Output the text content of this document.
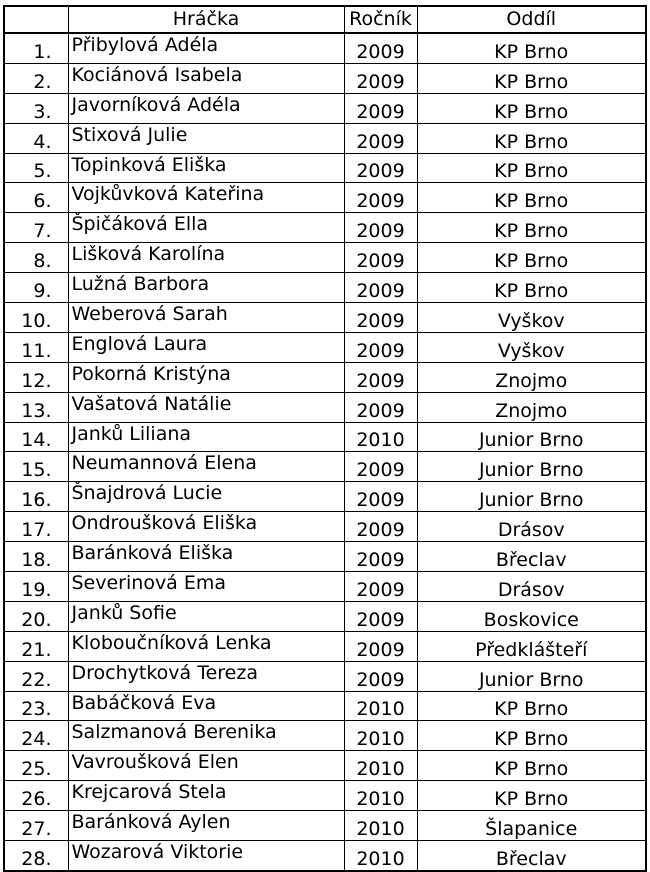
	Hráčka	Ročník	Oddíl
1.	Přibylová Adéla	2009	KP Brno
2.	Kociánová Isabela	2009	KP Brno
3.	Javorníková Adéla	2009	KP Brno
4.	Stixová Julie	2009	KP Brno
5.	Topinková Eliška	2009	KP Brno
6.	Vojkůvková Kateřina	2009	KP Brno
7.	Špičáková Ella	2009	KP Brno
8.	Lišková Karolína	2009	KP Brno
9.	Lužná Barbora	2009	KP Brno
10.	Weberová Sarah	2009	Vyškov
11.	Englová Laura	2009	Vyškov
12.	Pokorná Kristýna	2009	Znojmo
13.	Vašatová Natálie	2009	Znojmo
14.	Janků Liliana	2010	Junior Brno
15.	Neumannová Elena	2009	Junior Brno
16.	Šnajdrová Lucie	2009	Junior Brno
17.	Ondroušková Eliška	2009	Drásov
18.	Baránková Eliška	2009	Břeclav
19.	Severinová Ema	2009	Drásov
20.	Janků Sofie	2009	Boskovice
21.	Kloboučníková Lenka	2009	Předklášteří
22.	Drochytková Tereza	2009	Junior Brno
23.	Babáčková Eva	2010	KP Brno
24.	Salzmanová Berenika	2010	KP Brno
25.	Vavroušková Elen	2010	KP Brno
26.	Krejcarová Stela	2010	KP Brno
27.	Baránková Aylen	2010	Šlapanice
28.	Wozarová Viktorie	2010	Břeclav
